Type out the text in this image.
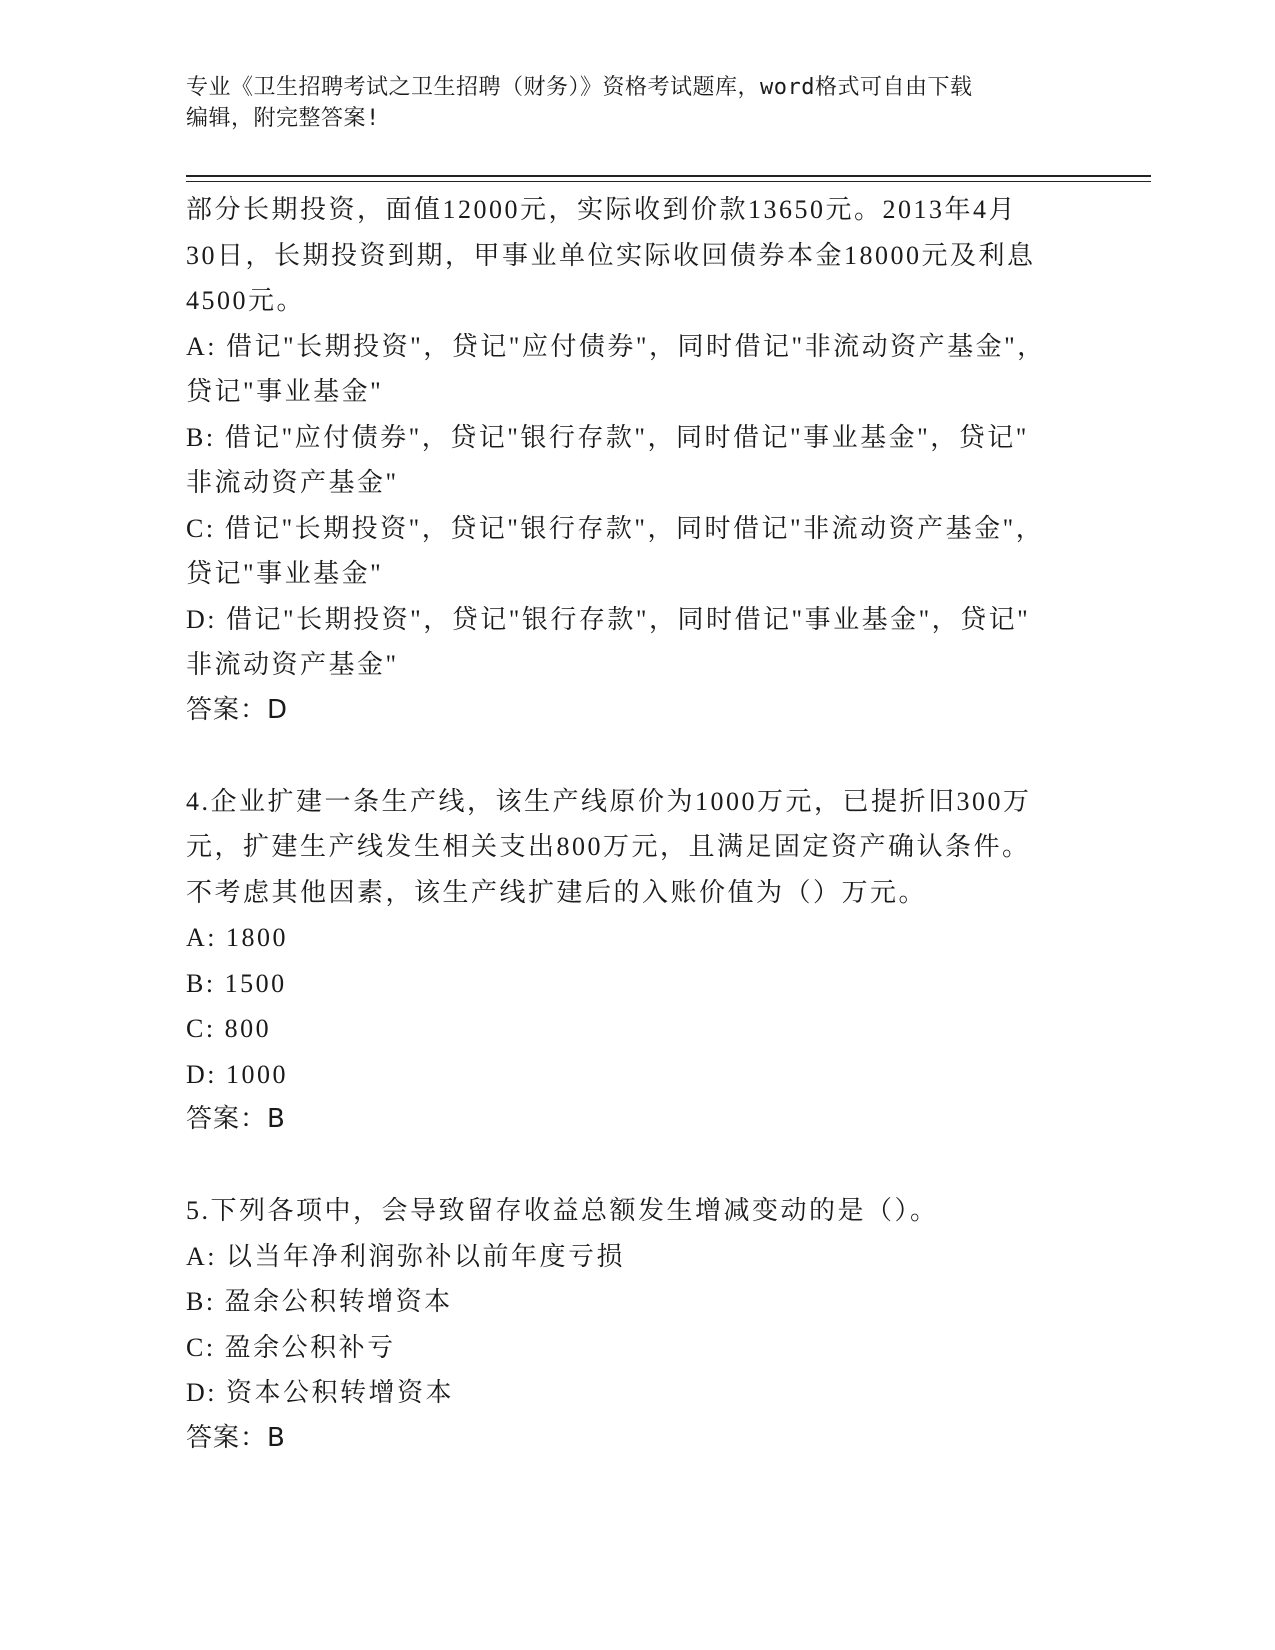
专业《卫生招聘考试之卫生招聘（财务）》资格考试题库，word格式可自由下载
编辑，附完整答案!
部分长期投资，面值12000元，实际收到价款13650元。2013年4月
30日，长期投资到期，甲事业单位实际收回债券本金18000元及利息
4500元。
A: 借记"长期投资"，贷记"应付债券"，同时借记"非流动资产基金"，
贷记"事业基金"
B: 借记"应付债券"，贷记"银行存款"，同时借记"事业基金"，贷记"
非流动资产基金"
C: 借记"长期投资"，贷记"银行存款"，同时借记"非流动资产基金"，
贷记"事业基金"
D: 借记"长期投资"，贷记"银行存款"，同时借记"事业基金"，贷记"
非流动资产基金"
答案：D
4.企业扩建一条生产线，该生产线原价为1000万元，已提折旧300万
元，扩建生产线发生相关支出800万元，且满足固定资产确认条件。
不考虑其他因素，该生产线扩建后的入账价值为（）万元。
A: 1800
B: 1500
C: 800
D: 1000
答案：B
5.下列各项中，会导致留存收益总额发生增减变动的是（）。
A: 以当年净利润弥补以前年度亏损
B: 盈余公积转增资本
C: 盈余公积补亏
D: 资本公积转增资本
答案：B
